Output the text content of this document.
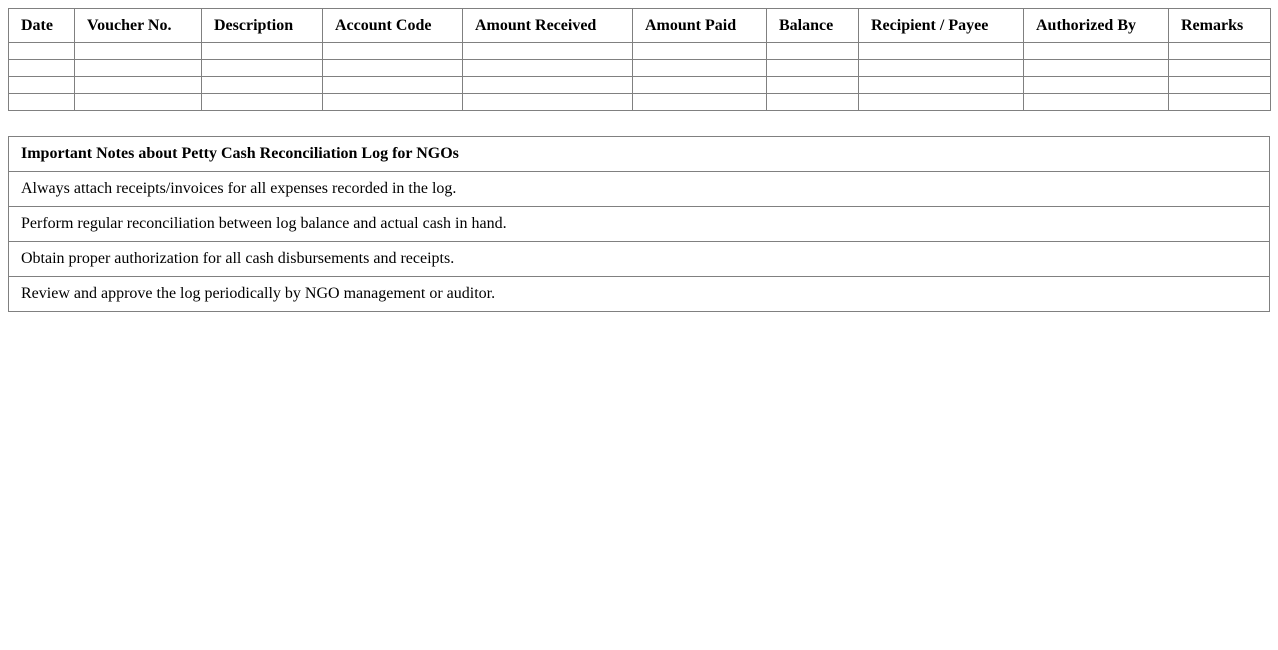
Date	Voucher No.	Description	Account Code	Amount Received	Amount Paid	Balance	Recipient / Payee	Authorized By	Remarks

Important Notes about Petty Cash Reconciliation Log for NGOs
Always attach receipts/invoices for all expenses recorded in the log.
Perform regular reconciliation between log balance and actual cash in hand.
Obtain proper authorization for all cash disbursements and receipts.
Review and approve the log periodically by NGO management or auditor.
